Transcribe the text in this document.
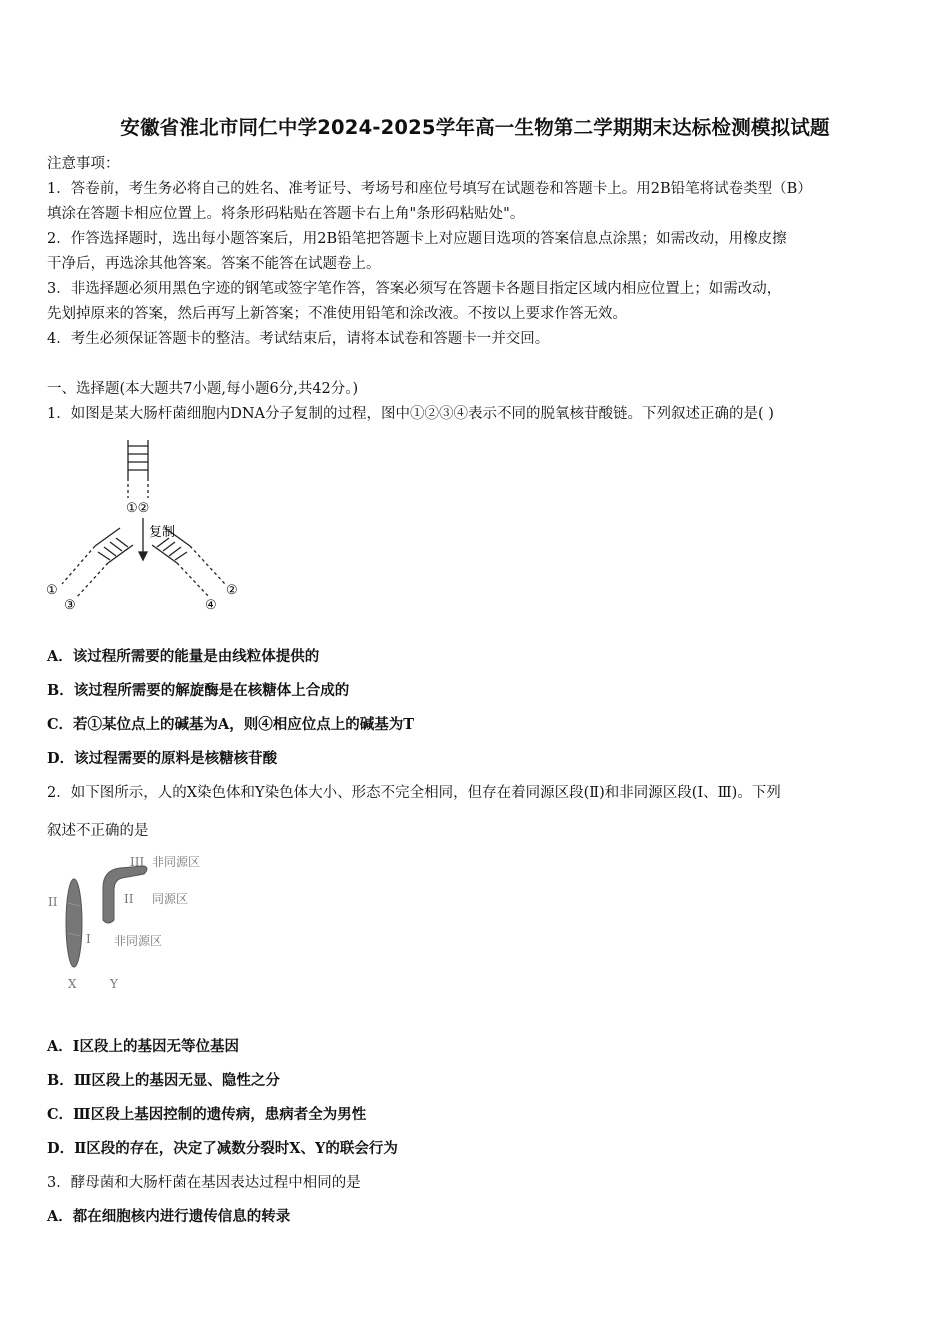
安徽省淮北市同仁中学2024-2025学年高一生物第二学期期末达标检测模拟试题
注意事项：
1．答卷前，考生务必将自己的姓名、准考证号、考场号和座位号填写在试题卷和答题卡上。用2B铅笔将试卷类型（B）
填涂在答题卡相应位置上。将条形码粘贴在答题卡右上角"条形码粘贴处"。
2．作答选择题时，选出每小题答案后，用2B铅笔把答题卡上对应题目选项的答案信息点涂黑；如需改动，用橡皮擦
干净后，再选涂其他答案。答案不能答在试题卷上。
3．非选择题必须用黑色字迹的钢笔或签字笔作答，答案必须写在答题卡各题目指定区域内相应位置上；如需改动，
先划掉原来的答案，然后再写上新答案；不准使用铅笔和涂改液。不按以上要求作答无效。
4．考生必须保证答题卡的整洁。考试结束后，请将本试卷和答题卡一并交回。
一、选择题(本大题共7小题,每小题6分,共42分。)
1．如图是某大肠杆菌细胞内DNA分子复制的过程，图中①②③④表示不同的脱氧核苷酸链。下列叙述正确的是( )
①②
复制
①
③
②
④
A．该过程所需要的能量是由线粒体提供的
B．该过程所需要的解旋酶是在核糖体上合成的
C．若①某位点上的碱基为A，则④相应位点上的碱基为T
D．该过程需要的原料是核糖核苷酸
2．如下图所示，人的X染色体和Y染色体大小、形态不完全相同，但存在着同源区段(Ⅱ)和非同源区段(Ⅰ、Ⅲ)。下列
叙述不正确的是
III 非同源区
II	II 同源区
I 非同源区
X	Y
A．Ⅰ区段上的基因无等位基因
B．Ⅲ区段上的基因无显、隐性之分
C．Ⅲ区段上基因控制的遗传病，患病者全为男性
D．Ⅱ区段的存在，决定了减数分裂时X、Y的联会行为
3．酵母菌和大肠杆菌在基因表达过程中相同的是
A．都在细胞核内进行遗传信息的转录
